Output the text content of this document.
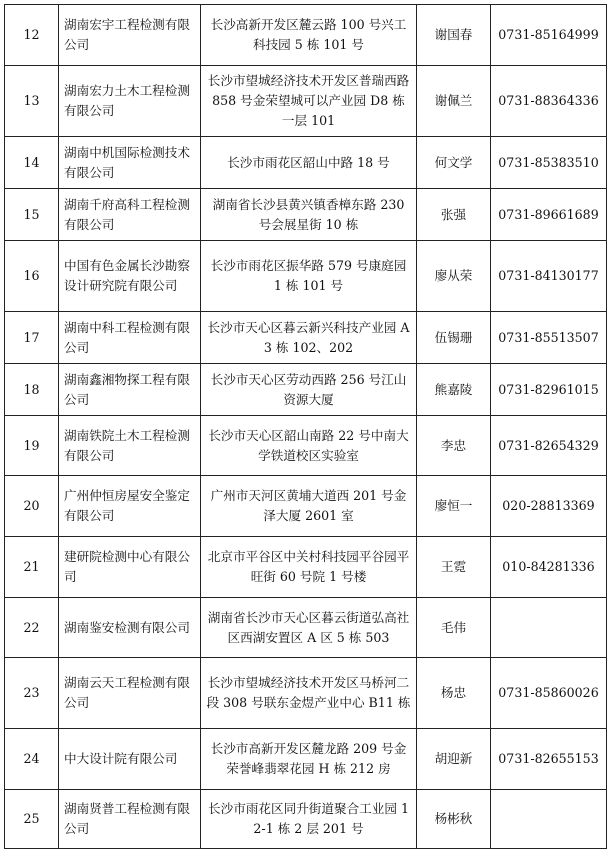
12	湖南宏宇工程检测有限公司	长沙高新开发区麓云路 100 号兴工科技园 5 栋 101 号	谢国春	0731-85164999
13	湖南宏力土木工程检测有限公司	长沙市望城经济技术开发区普瑞西路 858 号金荣望城可以产业园 D8 栋一层 101	谢佩兰	0731-88364336
14	湖南中机国际检测技术有限公司	长沙市雨花区韶山中路 18 号	何文学	0731-85383510
15	湖南千府高科工程检测有限公司	湖南省长沙县黄兴镇香樟东路 230 号会展星街 10 栋	张强	0731-89661689
16	中国有色金属长沙勘察设计研究院有限公司	长沙市雨花区振华路 579 号康庭园 1 栋 101 号	廖从荣	0731-84130177
17	湖南中科工程检测有限公司	长沙市天心区暮云新兴科技产业园 A3 栋 102、202	伍锡珊	0731-85513507
18	湖南鑫湘物探工程有限公司	长沙市天心区劳动西路 256 号江山资源大厦	熊嘉陵	0731-82961015
19	湖南铁院土木工程检测有限公司	长沙市天心区韶山南路 22 号中南大学铁道校区实验室	李忠	0731-82654329
20	广州仲恒房屋安全鉴定有限公司	广州市天河区黄埔大道西 201 号金泽大厦 2601 室	廖恒一	020-28813369
21	建研院检测中心有限公司	北京市平谷区中关村科技园平谷园平旺街 60 号院 1 号楼	王霓	010-84281336
22	湖南鉴安检测有限公司	湖南省长沙市天心区暮云街道弘高社区西湖安置区 A 区 5 栋 503	毛伟	
23	湖南云天工程检测有限公司	长沙市望城经济技术开发区马桥河二段 308 号联东金煜产业中心 B11 栋	杨忠	0731-85860026
24	中大设计院有限公司	长沙市高新开发区麓龙路 209 号金荣誉峰翡翠花园 H 栋 212 房	胡迎新	0731-82655153
25	湖南贤普工程检测有限公司	长沙市雨花区同升街道聚合工业园 12-1 栋 2 层 201 号	杨彬秋	
